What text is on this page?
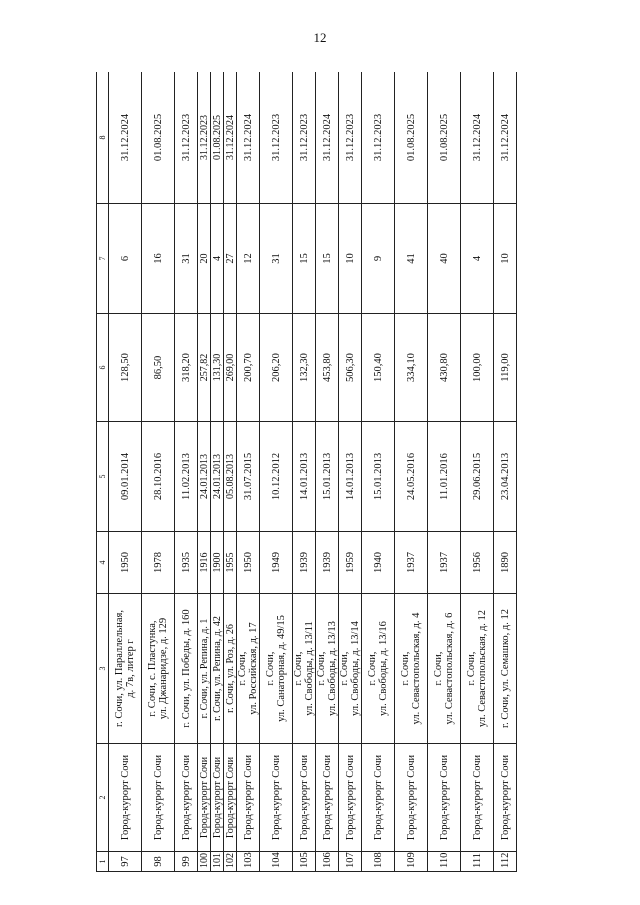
12
1	2	3	4	5	6	7	8
97	Город-курорт Сочи	г. Сочи, ул. Параллельная, д. 7в, литер г	1950	09.01.2014	128,50	6	31.12.2024
98	Город-курорт Сочи	г. Сочи, с. Пластунка, ул. Джанаридзе, д. 129	1978	28.10.2016	86,50	16	01.08.2025
99	Город-курорт Сочи	г. Сочи, ул. Победы, д. 160	1935	11.02.2013	318,20	31	31.12.2023
100	Город-курорт Сочи	г. Сочи, ул. Репина, д. 1	1916	24.01.2013	257,82	20	31.12.2023
101	Город-курорт Сочи	г. Сочи, ул. Репина, д. 42	1900	24.01.2013	131,30	4	01.08.2025
102	Город-курорт Сочи	г. Сочи, ул. Роз, д. 26	1955	05.08.2013	269,00	27	31.12.2024
103	Город-курорт Сочи	г. Сочи, ул. Российская, д. 17	1950	31.07.2015	200,70	12	31.12.2024
104	Город-курорт Сочи	г. Сочи, ул. Санаторная, д. 49/15	1949	10.12.2012	206,20	31	31.12.2023
105	Город-курорт Сочи	г. Сочи, ул. Свободы, д. 13/11	1939	14.01.2013	132,30	15	31.12.2023
106	Город-курорт Сочи	г. Сочи, ул. Свободы, д. 13/13	1939	15.01.2013	453,80	15	31.12.2024
107	Город-курорт Сочи	г. Сочи, ул. Свободы, д. 13/14	1959	14.01.2013	506,30	10	31.12.2023
108	Город-курорт Сочи	г. Сочи, ул. Свободы, д. 13/16	1940	15.01.2013	150,40	9	31.12.2023
109	Город-курорт Сочи	г. Сочи, ул. Севастопольская, д. 4	1937	24.05.2016	334,10	41	01.08.2025
110	Город-курорт Сочи	г. Сочи, ул. Севастопольская, д. 6	1937	11.01.2016	430,80	40	01.08.2025
111	Город-курорт Сочи	г. Сочи, ул. Севастопольская, д. 12	1956	29.06.2015	100,00	4	31.12.2024
112	Город-курорт Сочи	г. Сочи, ул. Семашко, д. 12	1890	23.04.2013	119,00	10	31.12.2024
